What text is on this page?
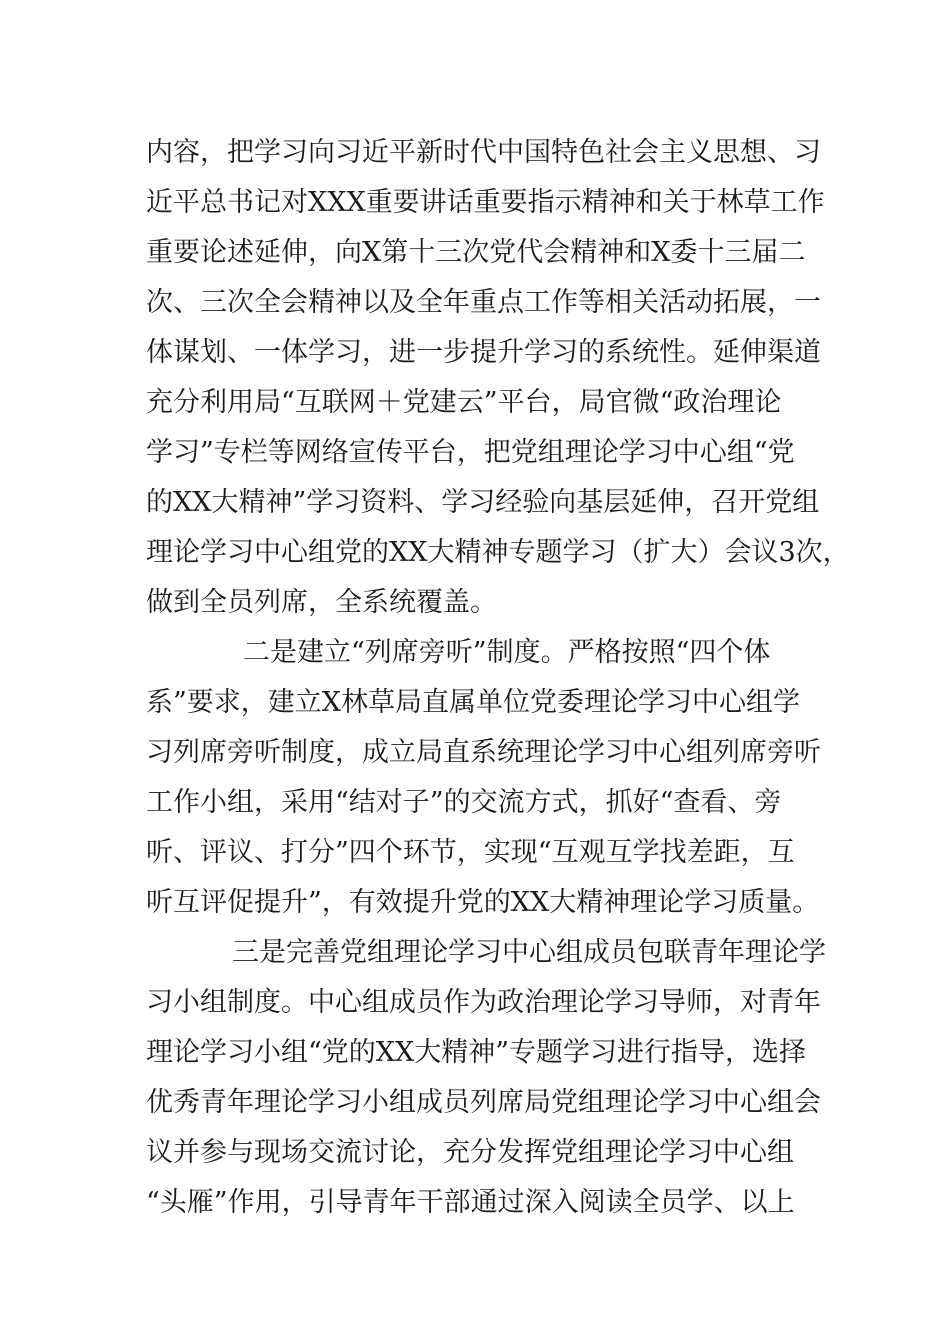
内容，把学习向习近平新时代中国特色社会主义思想、习
近平总书记对XXX重要讲话重要指示精神和关于林草工作
重要论述延伸，向X第十三次党代会精神和X委十三届二
次、三次全会精神以及全年重点工作等相关活动拓展，一
体谋划、一体学习，进一步提升学习的系统性。延伸渠道
充分利用局“互联网＋党建云”平台，局官微“政治理论
学习”专栏等网络宣传平台，把党组理论学习中心组“党
的XX大精神”学习资料、学习经验向基层延伸，召开党组
理论学习中心组党的XX大精神专题学习（扩大）会议3次，
做到全员列席，全系统覆盖。
二是建立“列席旁听”制度。严格按照“四个体
系”要求，建立X林草局直属单位党委理论学习中心组学
习列席旁听制度，成立局直系统理论学习中心组列席旁听
工作小组，采用“结对子”的交流方式，抓好“查看、旁
听、评议、打分”四个环节，实现“互观互学找差距，互
听互评促提升”，有效提升党的XX大精神理论学习质量。
三是完善党组理论学习中心组成员包联青年理论学
习小组制度。中心组成员作为政治理论学习导师，对青年
理论学习小组“党的XX大精神”专题学习进行指导，选择
优秀青年理论学习小组成员列席局党组理论学习中心组会
议并参与现场交流讨论，充分发挥党组理论学习中心组
“头雁”作用，引导青年干部通过深入阅读全员学、以上
